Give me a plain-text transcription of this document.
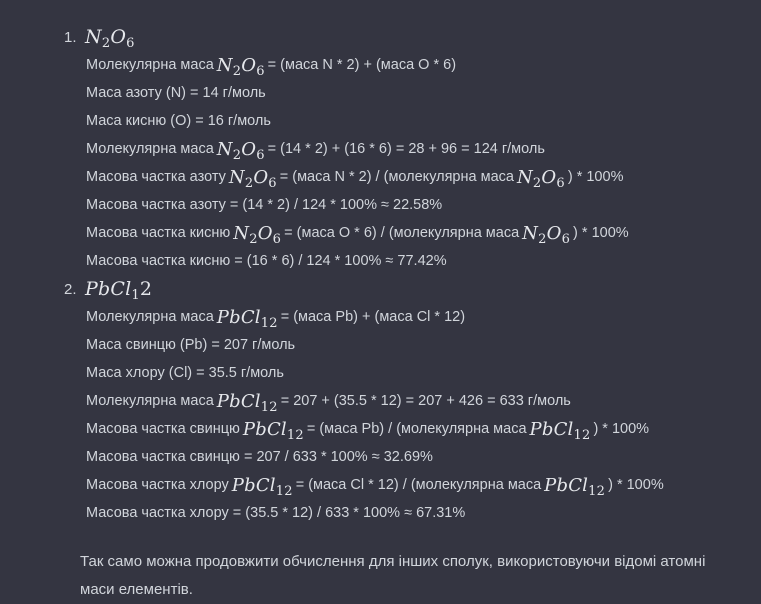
1. $N_2O_6$
Молекулярна маса $N_2O_6$ = (маса N * 2) + (маса O * 6)
Маса азоту (N) = 14 г/моль
Маса кисню (O) = 16 г/моль
Молекулярна маса $N_2O_6 = (14 * 2) + (16 * 6) = 28 + 96 = 124$ г/моль
Масова частка азоту $N_2O_6$ = (маса N * 2) / (молекулярна маса $N_2O_6$ ) * 100%
Масова частка азоту = (14 * 2) / 124 * 100% ≈ 22.58%
Масова частка кисню $N_2O_6$ = (маса O * 6) / (молекулярна маса $N_2O_6$ ) * 100%
Масова частка кисню = (16 * 6) / 124 * 100% ≈ 77.42%
2. PbCl$_1$2
Молекулярна маса PbCl$_{12}$ = (маса Pb) + (маса Cl * 12)
Маса свинцю (Pb) = 207 г/моль
Маса хлору (Cl) = 35.5 г/моль
Молекулярна маса PbCl$_{12}$ = 207 + (35.5 * 12) = 207 + 426 = 633 г/моль
Масова частка свинцю PbCl$_{12}$ = (маса Pb) / (молекулярна маса PbCl$_{12}$ ) * 100%
Масова частка свинцю = 207 / 633 * 100% ≈ 32.69%
Масова частка хлору PbCl$_{12}$ = (маса Cl * 12) / (молекулярна маса PbCl$_{12}$ ) * 100%
Масова частка хлору = (35.5 * 12) / 633 * 100% ≈ 67.31%
Так само можна продовжити обчислення для інших сполук, використовуючи відомі атомні маси елементів.
